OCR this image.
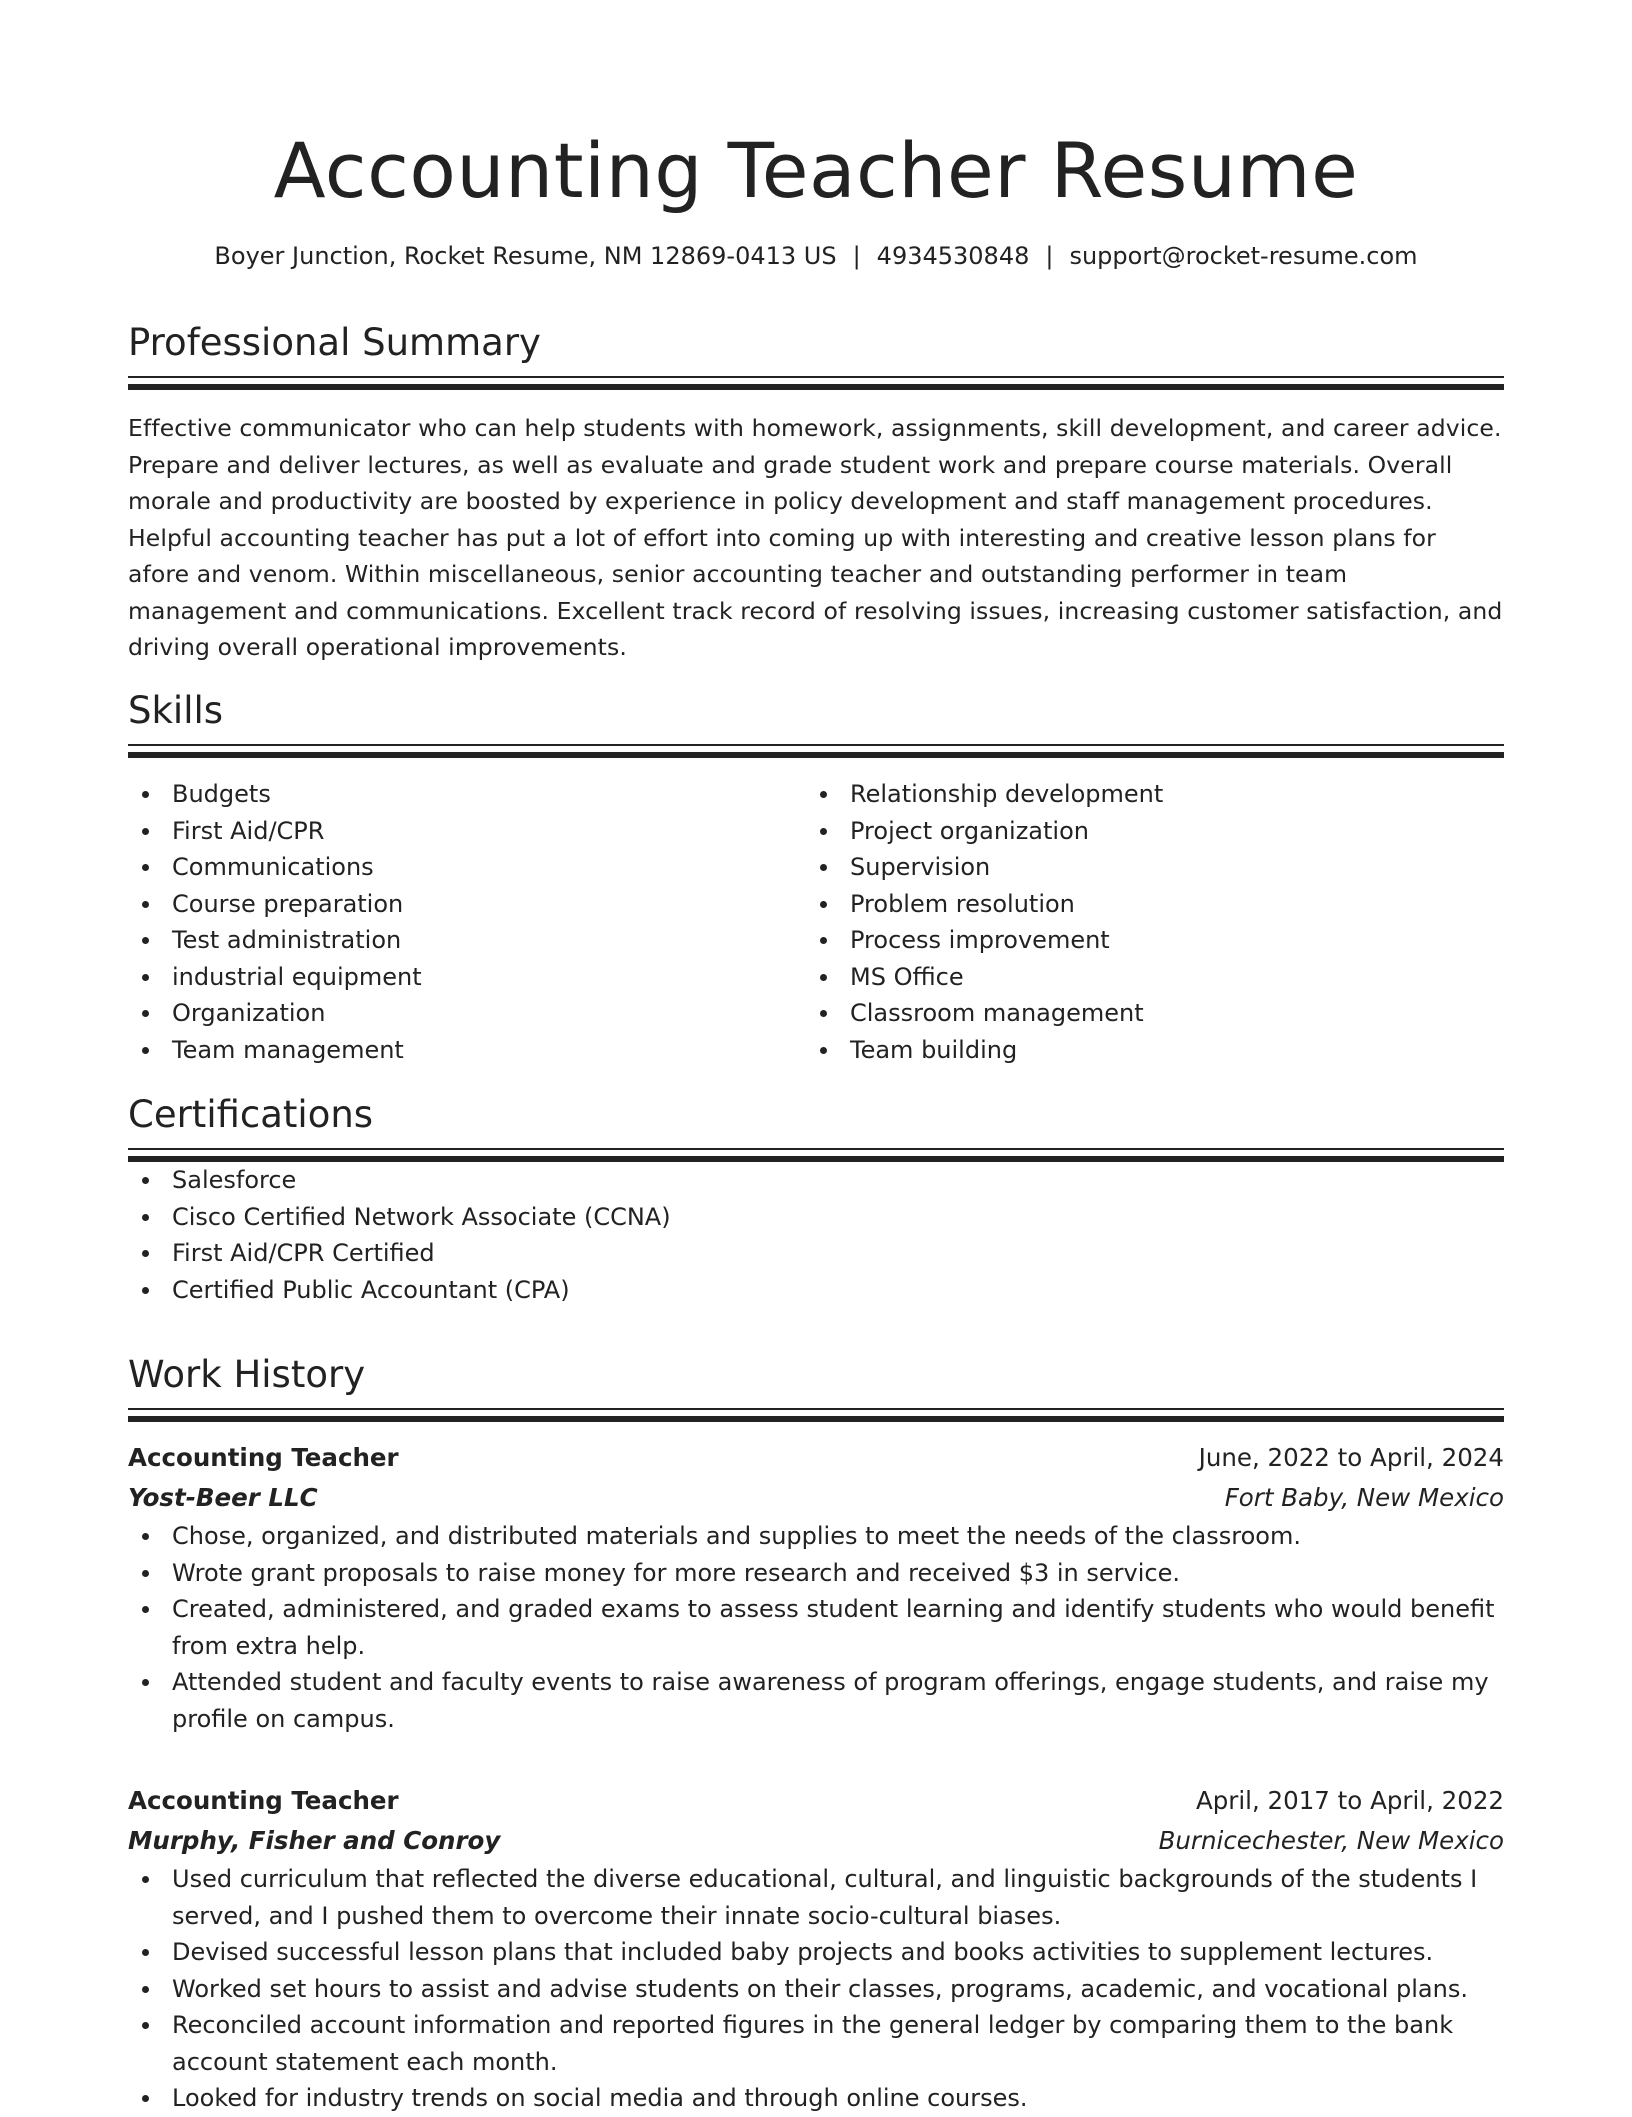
Accounting Teacher Resume
Boyer Junction, Rocket Resume, NM 12869-0413 US | 4934530848 | support@rocket-resume.com
Professional Summary

Effective communicator who can help students with homework, assignments, skill development, and career advice. Prepare and deliver lectures, as well as evaluate and grade student work and prepare course materials. Overall morale and productivity are boosted by experience in policy development and staff management procedures. Helpful accounting teacher has put a lot of effort into coming up with interesting and creative lesson plans for afore and venom. Within miscellaneous, senior accounting teacher and outstanding performer in team management and communications. Excellent track record of resolving issues, increasing customer satisfaction, and driving overall operational improvements.

Skills
Budgets
First Aid/CPR
Communications
Course preparation
Test administration
industrial equipment
Organization
Team management
Relationship development
Project organization
Supervision
Problem resolution
Process improvement
MS Office
Classroom management
Team building
Certifications
Salesforce
Cisco Certified Network Associate (CCNA)
First Aid/CPR Certified
Certified Public Accountant (CPA)
Work History
Accounting Teacher	June, 2022 to April, 2024
Yost-Beer LLC	Fort Baby, New Mexico
Chose, organized, and distributed materials and supplies to meet the needs of the classroom.
Wrote grant proposals to raise money for more research and received $3 in service.
Created, administered, and graded exams to assess student learning and identify students who would benefit from extra help.
Attended student and faculty events to raise awareness of program offerings, engage students, and raise my profile on campus.
Accounting Teacher	April, 2017 to April, 2022
Murphy, Fisher and Conroy	Burnicechester, New Mexico
Used curriculum that reflected the diverse educational, cultural, and linguistic backgrounds of the students I served, and I pushed them to overcome their innate socio-cultural biases.
Devised successful lesson plans that included baby projects and books activities to supplement lectures.
Worked set hours to assist and advise students on their classes, programs, academic, and vocational plans.
Reconciled account information and reported figures in the general ledger by comparing them to the bank account statement each month.
Looked for industry trends on social media and through online courses.
